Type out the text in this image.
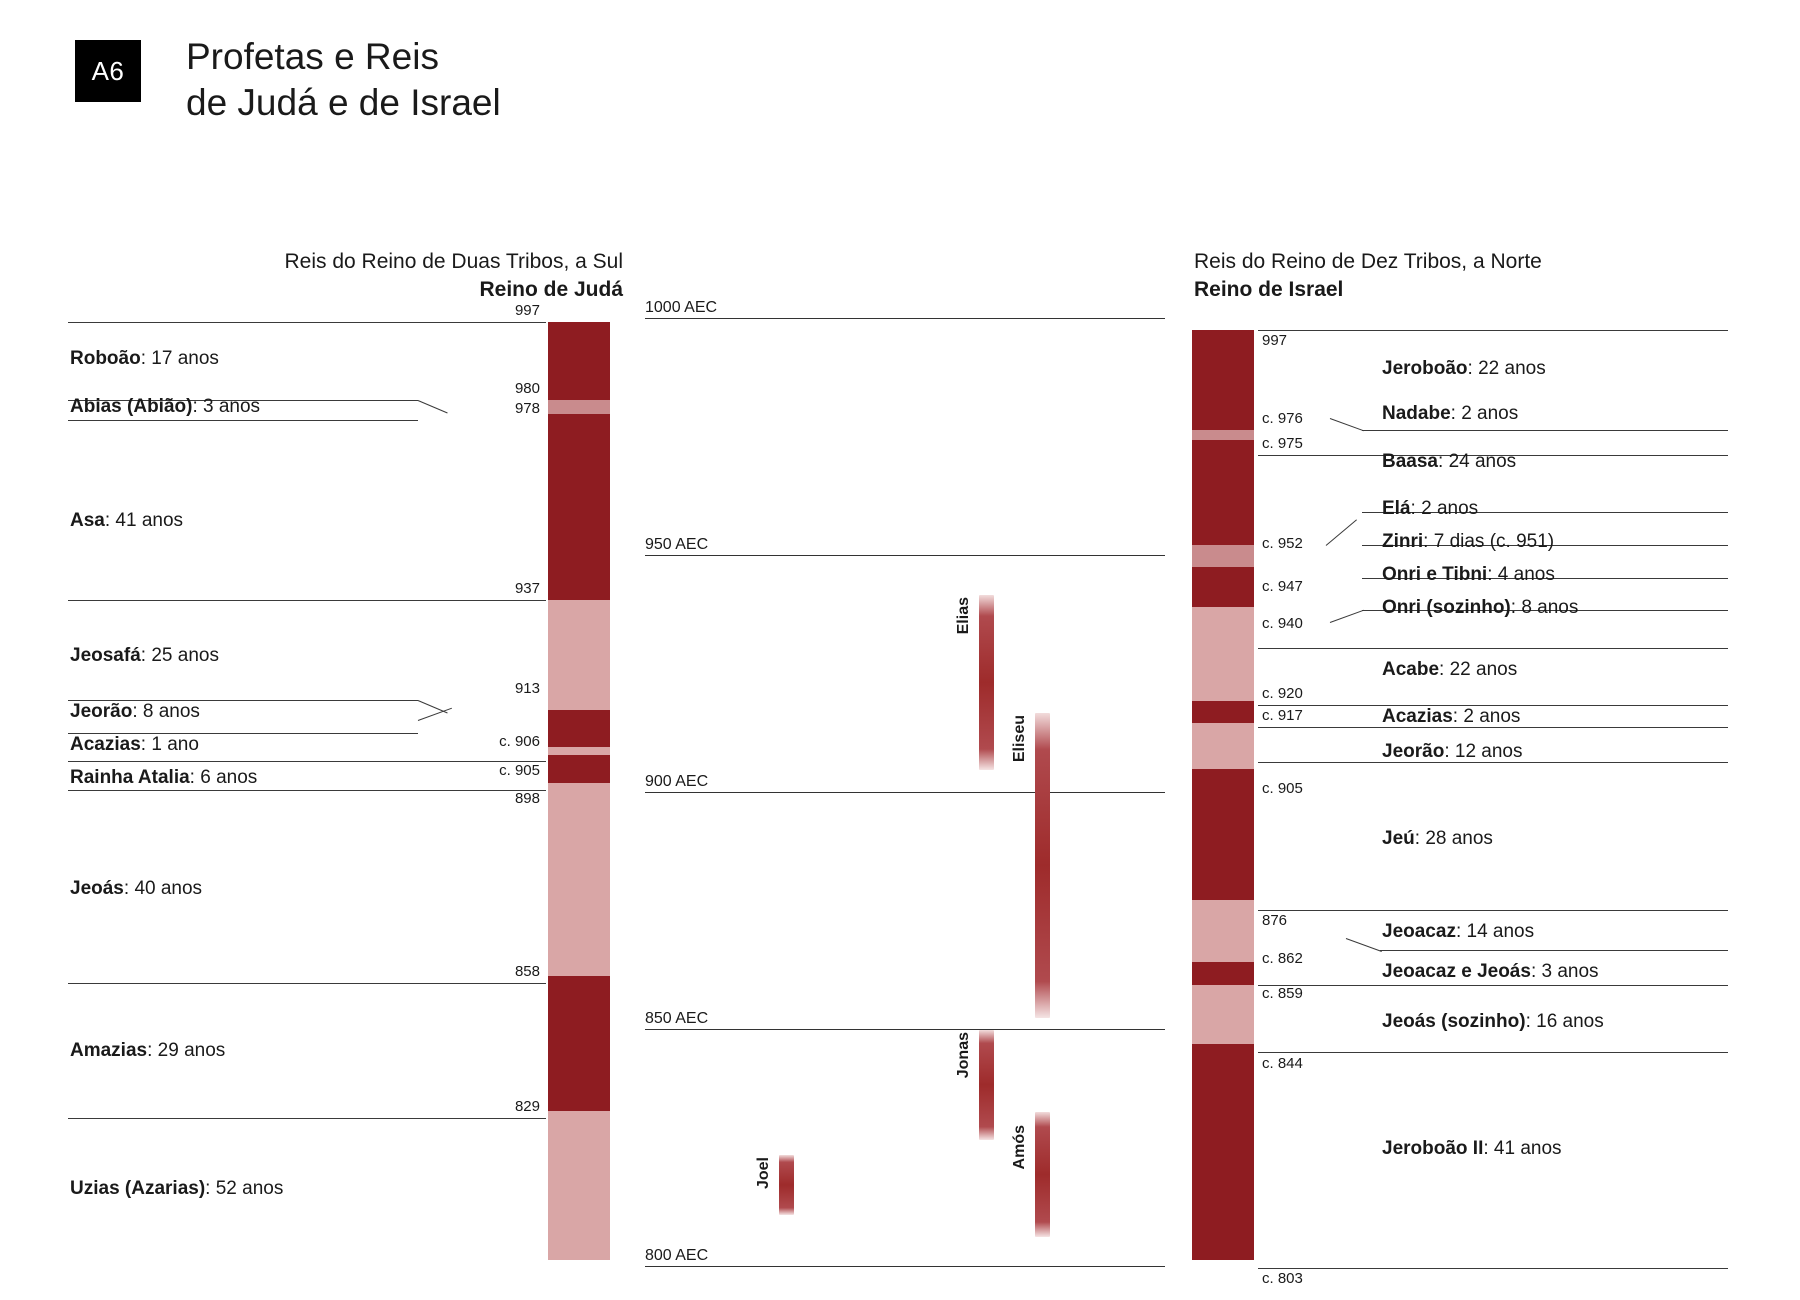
A6	Profetas e Reis
de Judá e de Israel
Reis do Reino de Duas Tribos, a Sul
Reino de Judá
Reis do Reino de Dez Tribos, a Norte
Reino de Israel
1000 AEC
950 AEC
900 AEC
850 AEC
800 AEC
Elias
Eliseu
Jonas
Amós
Joel
997
980
978
937
913
c. 906
c. 905
898
858
829
Roboão: 17 anos
Abias (Abião): 3 anos
Asa: 41 anos
Jeosafá: 25 anos
Jeorão: 8 anos
Acazias: 1 ano
Rainha Atalia: 6 anos
Jeoás: 40 anos
Amazias: 29 anos
Uzias (Azarias): 52 anos
997
c. 976
c. 975
c. 952
c. 947
c. 940
c. 920
c. 917
c. 905
876
c. 862
c. 859
c. 844
c. 803
Jeroboão: 22 anos
Nadabe: 2 anos
Baasa: 24 anos
Elá: 2 anos
Zinri: 7 dias (c. 951)
Onri e Tibni: 4 anos
Onri (sozinho): 8 anos
Acabe: 22 anos
Acazias: 2 anos
Jeorão: 12 anos
Jeú: 28 anos
Jeoacaz: 14 anos
Jeoacaz e Jeoás: 3 anos
Jeoás (sozinho): 16 anos
Jeroboão II: 41 anos
